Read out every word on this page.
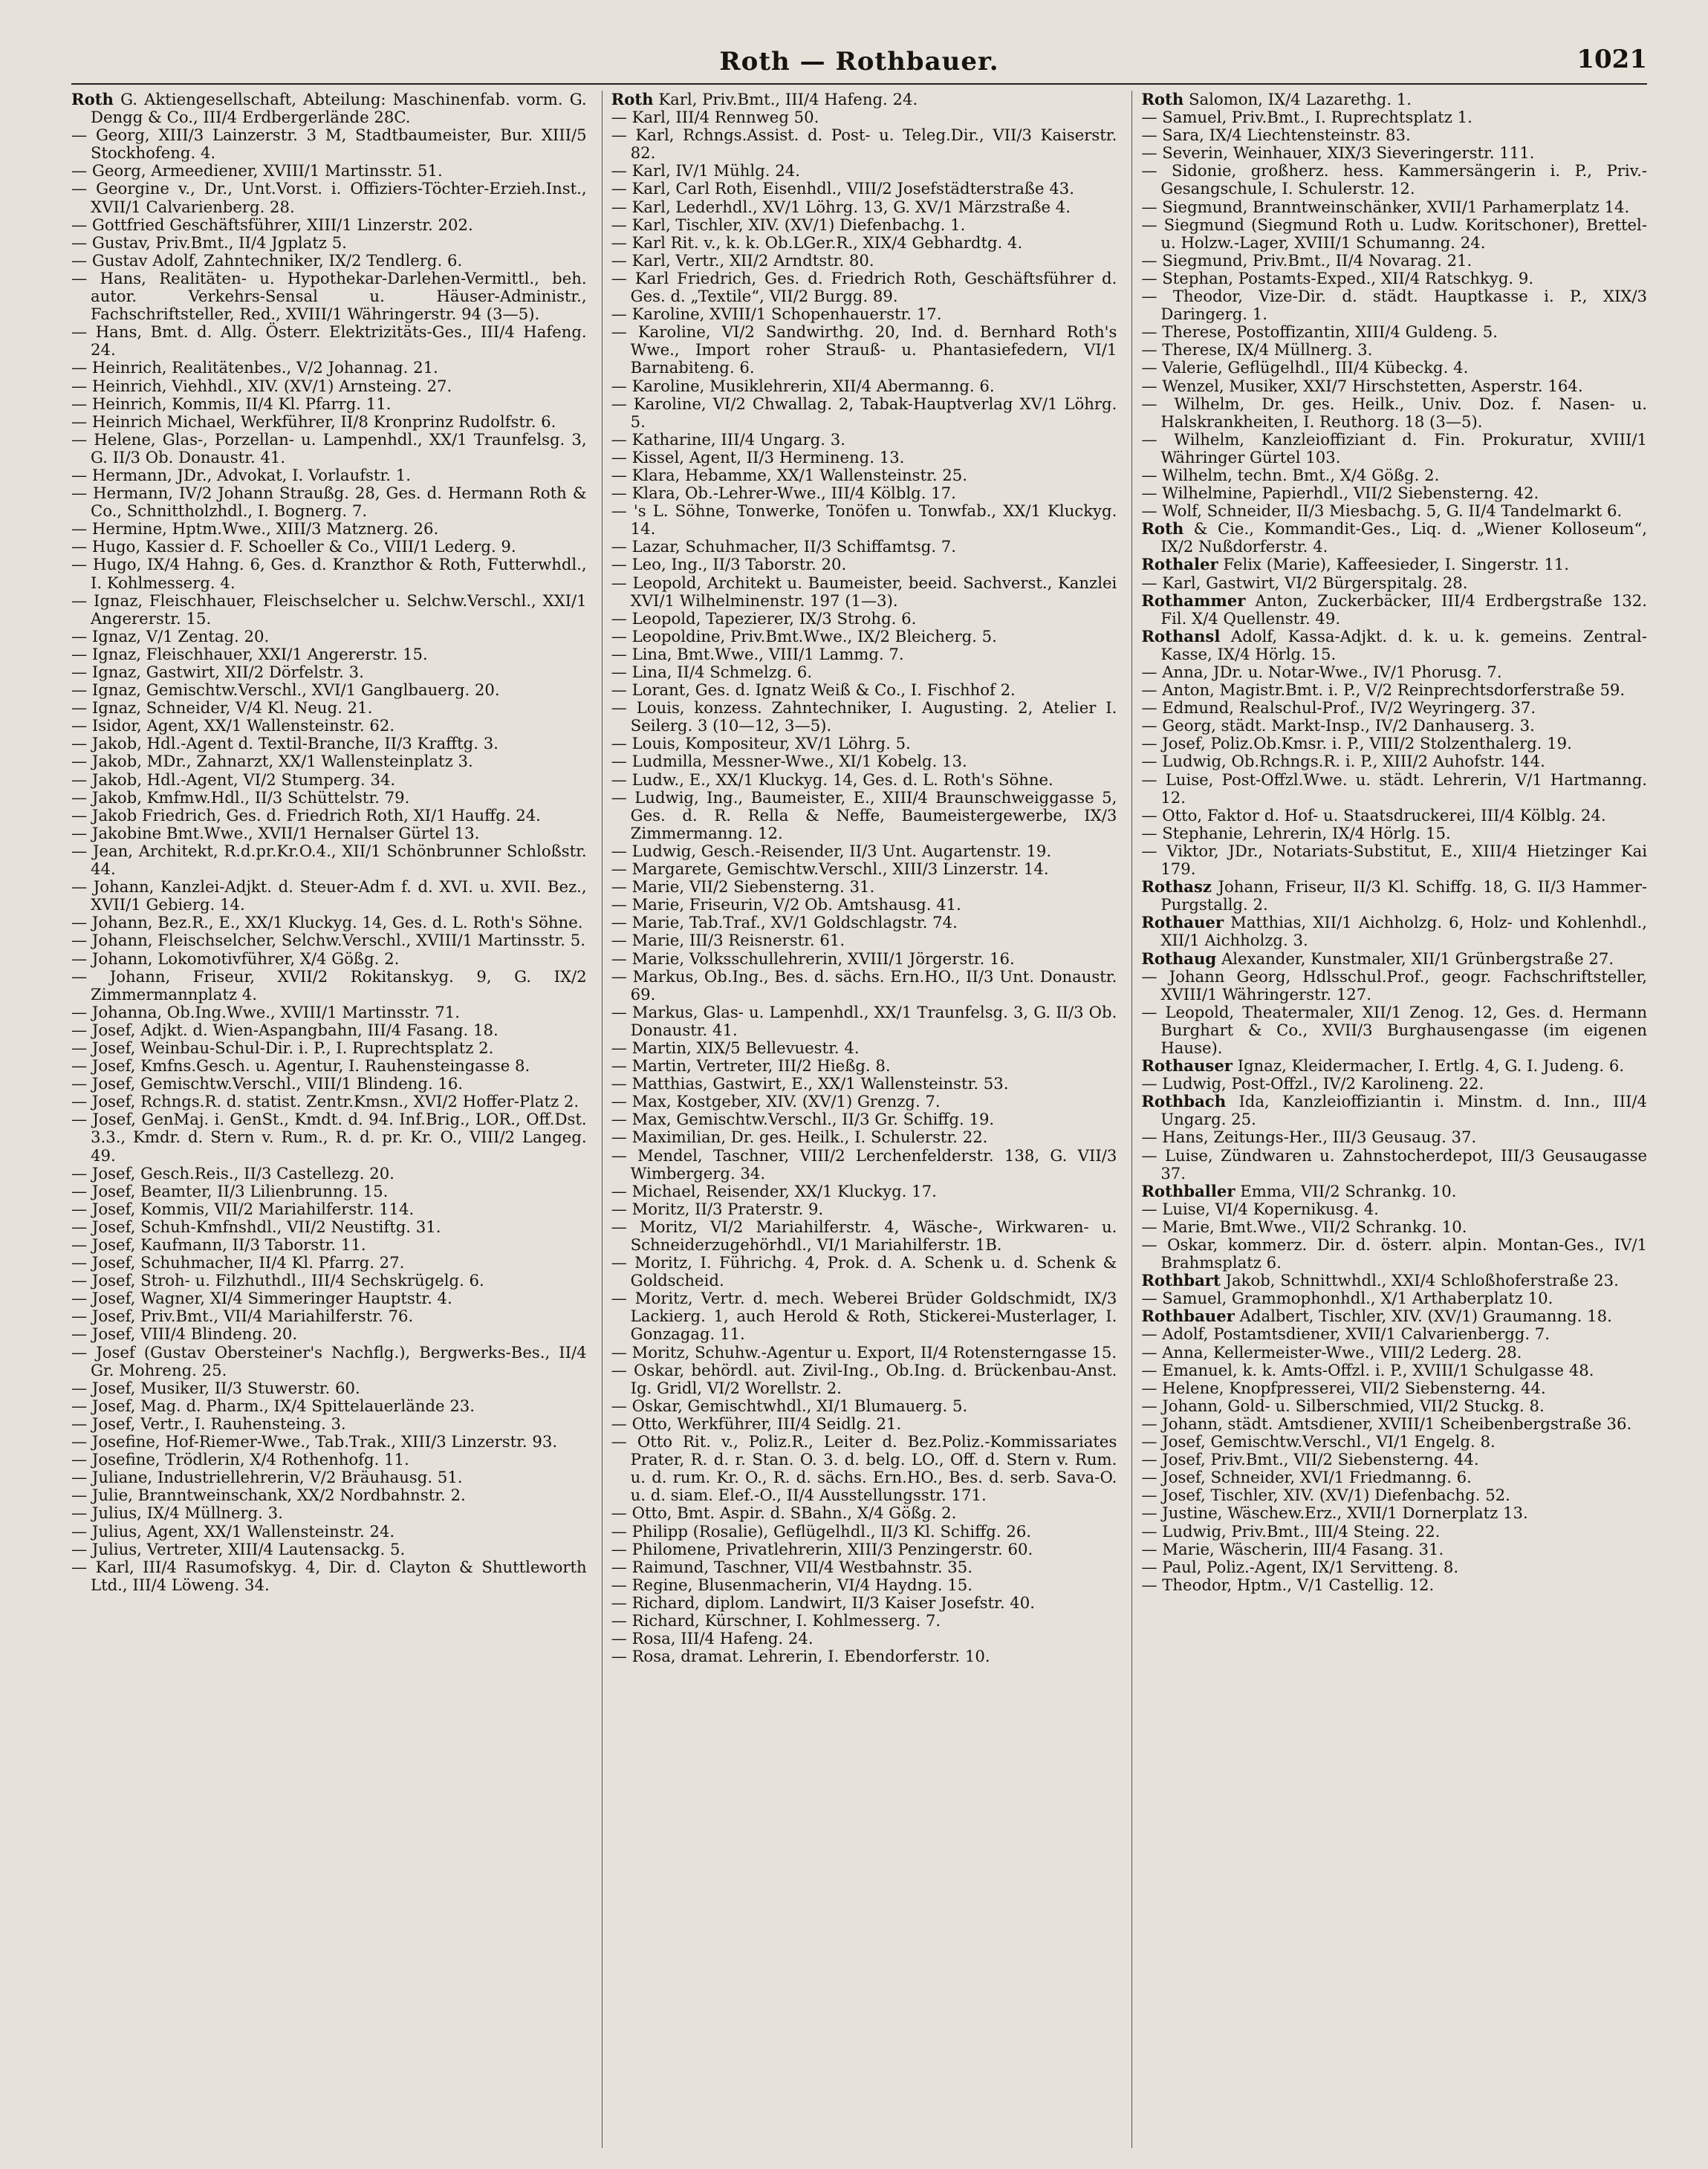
Roth — Rothbauer.	1021

Roth G. Aktiengesellschaft, Abteilung: Maschinenfab. vorm. G. Dengg & Co., III/4 Erdbergerlände 28C.

— Georg, XIII/3 Lainzerstr. 3 M, Stadtbaumeister, Bur. XIII/5 Stockhofeng. 4.

— Georg, Armeediener, XVIII/1 Martinsstr. 51.

— Georgine v., Dr., Unt.Vorst. i. Offiziers-Töchter-Erzieh.Inst., XVII/1 Calvarienberg. 28.

— Gottfried Geschäftsführer, XIII/1 Linzerstr. 202.

— Gustav, Priv.Bmt., II/4 Jgplatz 5.

— Gustav Adolf, Zahntechniker, IX/2 Tendlerg. 6.

— Hans, Realitäten- u. Hypothekar-Darlehen-Vermittl., beh. autor. Verkehrs-Sensal u. Häuser-Administr., Fachschriftsteller, Red., XVIII/1 Währingerstr. 94 (3—5).

— Hans, Bmt. d. Allg. Österr. Elektrizitäts-Ges., III/4 Hafeng. 24.

— Heinrich, Realitätenbes., V/2 Johannag. 21.

— Heinrich, Viehhdl., XIV. (XV/1) Arnsteing. 27.

— Heinrich, Kommis, II/4 Kl. Pfarrg. 11.

— Heinrich Michael, Werkführer, II/8 Kronprinz Rudolfstr. 6.

— Helene, Glas-, Porzellan- u. Lampenhdl., XX/1 Traunfelsg. 3, G. II/3 Ob. Donaustr. 41.

— Hermann, JDr., Advokat, I. Vorlaufstr. 1.

— Hermann, IV/2 Johann Straußg. 28, Ges. d. Hermann Roth & Co., Schnittholzhdl., I. Bognerg. 7.

— Hermine, Hptm.Wwe., XIII/3 Matznerg. 26.

— Hugo, Kassier d. F. Schoeller & Co., VIII/1 Lederg. 9.

— Hugo, IX/4 Hahng. 6, Ges. d. Kranzthor & Roth, Futterwhdl., I. Kohlmesserg. 4.

— Ignaz, Fleischhauer, Fleischselcher u. Selchw.Verschl., XXI/1 Angererstr. 15.

— Ignaz, V/1 Zentag. 20.

— Ignaz, Fleischhauer, XXI/1 Angererstr. 15.

— Ignaz, Gastwirt, XII/2 Dörfelstr. 3.

— Ignaz, Gemischtw.Verschl., XVI/1 Ganglbauerg. 20.

— Ignaz, Schneider, V/4 Kl. Neug. 21.

— Isidor, Agent, XX/1 Wallensteinstr. 62.

— Jakob, Hdl.-Agent d. Textil-Branche, II/3 Krafftg. 3.

— Jakob, MDr., Zahnarzt, XX/1 Wallensteinplatz 3.

— Jakob, Hdl.-Agent, VI/2 Stumperg. 34.

— Jakob, Kmfmw.Hdl., II/3 Schüttelstr. 79.

— Jakob Friedrich, Ges. d. Friedrich Roth, XI/1 Hauffg. 24.

— Jakobine Bmt.Wwe., XVII/1 Hernalser Gürtel 13.

— Jean, Architekt, R.d.pr.Kr.O.4., XII/1 Schönbrunner Schloßstr. 44.

— Johann, Kanzlei-Adjkt. d. Steuer-Adm f. d. XVI. u. XVII. Bez., XVII/1 Gebierg. 14.

— Johann, Bez.R., E., XX/1 Kluckyg. 14, Ges. d. L. Roth's Söhne.

— Johann, Fleischselcher, Selchw.Verschl., XVIII/1 Martinsstr. 5.

— Johann, Lokomotivführer, X/4 Gößg. 2.

— Johann, Friseur, XVII/2 Rokitanskyg. 9, G. IX/2 Zimmermannplatz 4.

— Johanna, Ob.Ing.Wwe., XVIII/1 Martinsstr. 71.

— Josef, Adjkt. d. Wien-Aspangbahn, III/4 Fasang. 18.

— Josef, Weinbau-Schul-Dir. i. P., I. Ruprechtsplatz 2.

— Josef, Kmfns.Gesch. u. Agentur, I. Rauhensteingasse 8.

— Josef, Gemischtw.Verschl., VIII/1 Blindeng. 16.

— Josef, Rchngs.R. d. statist. Zentr.Kmsn., XVI/2 Hoffer-Platz 2.

— Josef, GenMaj. i. GenSt., Kmdt. d. 94. Inf.Brig., LOR., Off.Dst. 3.3., Kmdr. d. Stern v. Rum., R. d. pr. Kr. O., VIII/2 Langeg. 49.

— Josef, Gesch.Reis., II/3 Castellezg. 20.

— Josef, Beamter, II/3 Lilienbrunng. 15.

— Josef, Kommis, VII/2 Mariahilferstr. 114.

— Josef, Schuh-Kmfnshdl., VII/2 Neustiftg. 31.

— Josef, Kaufmann, II/3 Taborstr. 11.

— Josef, Schuhmacher, II/4 Kl. Pfarrg. 27.

— Josef, Stroh- u. Filzhuthdl., III/4 Sechskrügelg. 6.

— Josef, Wagner, XI/4 Simmeringer Hauptstr. 4.

— Josef, Priv.Bmt., VII/4 Mariahilferstr. 76.

— Josef, VIII/4 Blindeng. 20.

— Josef (Gustav Obersteiner's Nachflg.), Bergwerks-Bes., II/4 Gr. Mohreng. 25.

— Josef, Musiker, II/3 Stuwerstr. 60.

— Josef, Mag. d. Pharm., IX/4 Spittelauerlände 23.

— Josef, Vertr., I. Rauhensteing. 3.

— Josefine, Hof-Riemer-Wwe., Tab.Trak., XIII/3 Linzerstr. 93.

— Josefine, Trödlerin, X/4 Rothenhofg. 11.

— Juliane, Industriellehrerin, V/2 Bräuhausg. 51.

— Julie, Branntweinschank, XX/2 Nordbahnstr. 2.

— Julius, IX/4 Müllnerg. 3.

— Julius, Agent, XX/1 Wallensteinstr. 24.

— Julius, Vertreter, XIII/4 Lautensackg. 5.

— Karl, III/4 Rasumofskyg. 4, Dir. d. Clayton & Shuttleworth Ltd., III/4 Löweng. 34.

Roth Karl, Priv.Bmt., III/4 Hafeng. 24.

— Karl, III/4 Rennweg 50.

— Karl, Rchngs.Assist. d. Post- u. Teleg.Dir., VII/3 Kaiserstr. 82.

— Karl, IV/1 Mühlg. 24.

— Karl, Carl Roth, Eisenhdl., VIII/2 Josefstädterstraße 43.

— Karl, Lederhdl., XV/1 Löhrg. 13, G. XV/1 Märzstraße 4.

— Karl, Tischler, XIV. (XV/1) Diefenbachg. 1.

— Karl Rit. v., k. k. Ob.LGer.R., XIX/4 Gebhardtg. 4.

— Karl, Vertr., XII/2 Arndtstr. 80.

— Karl Friedrich, Ges. d. Friedrich Roth, Geschäftsführer d. Ges. d. „Textile“, VII/2 Burgg. 89.

— Karoline, XVIII/1 Schopenhauerstr. 17.

— Karoline, VI/2 Sandwirthg. 20, Ind. d. Bernhard Roth's Wwe., Import roher Strauß- u. Phantasiefedern, VI/1 Barnabiteng. 6.

— Karoline, Musiklehrerin, XII/4 Abermanng. 6.

— Karoline, VI/2 Chwallag. 2, Tabak-Hauptverlag XV/1 Löhrg. 5.

— Katharine, III/4 Ungarg. 3.

— Kissel, Agent, II/3 Hermineng. 13.

— Klara, Hebamme, XX/1 Wallensteinstr. 25.

— Klara, Ob.-Lehrer-Wwe., III/4 Kölblg. 17.

— 's L. Söhne, Tonwerke, Tonöfen u. Tonwfab., XX/1 Kluckyg. 14.

— Lazar, Schuhmacher, II/3 Schiffamtsg. 7.

— Leo, Ing., II/3 Taborstr. 20.

— Leopold, Architekt u. Baumeister, beeid. Sachverst., Kanzlei XVI/1 Wilhelminenstr. 197 (1—3).

— Leopold, Tapezierer, IX/3 Strohg. 6.

— Leopoldine, Priv.Bmt.Wwe., IX/2 Bleicherg. 5.

— Lina, Bmt.Wwe., VIII/1 Lammg. 7.

— Lina, II/4 Schmelzg. 6.

— Lorant, Ges. d. Ignatz Weiß & Co., I. Fischhof 2.

— Louis, konzess. Zahntechniker, I. Augusting. 2, Atelier I. Seilerg. 3 (10—12, 3—5).

— Louis, Kompositeur, XV/1 Löhrg. 5.

— Ludmilla, Messner-Wwe., XI/1 Kobelg. 13.

— Ludw., E., XX/1 Kluckyg. 14, Ges. d. L. Roth's Söhne.

— Ludwig, Ing., Baumeister, E., XIII/4 Braunschweiggasse 5, Ges. d. R. Rella & Neffe, Baumeistergewerbe, IX/3 Zimmermanng. 12.

— Ludwig, Gesch.-Reisender, II/3 Unt. Augartenstr. 19.

— Margarete, Gemischtw.Verschl., XIII/3 Linzerstr. 14.

— Marie, VII/2 Siebensterng. 31.

— Marie, Friseurin, V/2 Ob. Amtshausg. 41.

— Marie, Tab.Traf., XV/1 Goldschlagstr. 74.

— Marie, III/3 Reisnerstr. 61.

— Marie, Volksschullehrerin, XVIII/1 Jörgerstr. 16.

— Markus, Ob.Ing., Bes. d. sächs. Ern.HO., II/3 Unt. Donaustr. 69.

— Markus, Glas- u. Lampenhdl., XX/1 Traunfelsg. 3, G. II/3 Ob. Donaustr. 41.

— Martin, XIX/5 Bellevuestr. 4.

— Martin, Vertreter, III/2 Hießg. 8.

— Matthias, Gastwirt, E., XX/1 Wallensteinstr. 53.

— Max, Kostgeber, XIV. (XV/1) Grenzg. 7.

— Max, Gemischtw.Verschl., II/3 Gr. Schiffg. 19.

— Maximilian, Dr. ges. Heilk., I. Schulerstr. 22.

— Mendel, Taschner, VIII/2 Lerchenfelderstr. 138, G. VII/3 Wimbergerg. 34.

— Michael, Reisender, XX/1 Kluckyg. 17.

— Moritz, II/3 Praterstr. 9.

— Moritz, VI/2 Mariahilferstr. 4, Wäsche-, Wirkwaren- u. Schneiderzugehörhdl., VI/1 Mariahilferstr. 1B.

— Moritz, I. Führichg. 4, Prok. d. A. Schenk u. d. Schenk & Goldscheid.

— Moritz, Vertr. d. mech. Weberei Brüder Goldschmidt, IX/3 Lackierg. 1, auch Herold & Roth, Stickerei-Musterlager, I. Gonzagag. 11.

— Moritz, Schuhw.-Agentur u. Export, II/4 Rotensterngasse 15.

— Oskar, behördl. aut. Zivil-Ing., Ob.Ing. d. Brückenbau-Anst. Ig. Gridl, VI/2 Worellstr. 2.

— Oskar, Gemischtwhdl., XI/1 Blumauerg. 5.

— Otto, Werkführer, III/4 Seidlg. 21.

— Otto Rit. v., Poliz.R., Leiter d. Bez.Poliz.-Kommissariates Prater, R. d. r. Stan. O. 3. d. belg. LO., Off. d. Stern v. Rum. u. d. rum. Kr. O., R. d. sächs. Ern.HO., Bes. d. serb. Sava-O. u. d. siam. Elef.-O., II/4 Ausstellungsstr. 171.

— Otto, Bmt. Aspir. d. SBahn., X/4 Gößg. 2.

— Philipp (Rosalie), Geflügelhdl., II/3 Kl. Schiffg. 26.

— Philomene, Privatlehrerin, XIII/3 Penzingerstr. 60.

— Raimund, Taschner, VII/4 Westbahnstr. 35.

— Regine, Blusenmacherin, VI/4 Haydng. 15.

— Richard, diplom. Landwirt, II/3 Kaiser Josefstr. 40.

— Richard, Kürschner, I. Kohlmesserg. 7.

— Rosa, III/4 Hafeng. 24.

— Rosa, dramat. Lehrerin, I. Ebendorferstr. 10.

Roth Salomon, IX/4 Lazarethg. 1.

— Samuel, Priv.Bmt., I. Ruprechtsplatz 1.

— Sara, IX/4 Liechtensteinstr. 83.

— Severin, Weinhauer, XIX/3 Sieveringerstr. 111.

— Sidonie, großherz. hess. Kammersängerin i. P., Priv.-Gesangschule, I. Schulerstr. 12.

— Siegmund, Branntweinschänker, XVII/1 Parhamerplatz 14.

— Siegmund (Siegmund Roth u. Ludw. Koritschoner), Brettel- u. Holzw.-Lager, XVIII/1 Schumanng. 24.

— Siegmund, Priv.Bmt., II/4 Novarag. 21.

— Stephan, Postamts-Exped., XII/4 Ratschkyg. 9.

— Theodor, Vize-Dir. d. städt. Hauptkasse i. P., XIX/3 Daringerg. 1.

— Therese, Postoffizantin, XIII/4 Guldeng. 5.

— Therese, IX/4 Müllnerg. 3.

— Valerie, Geflügelhdl., III/4 Kübeckg. 4.

— Wenzel, Musiker, XXI/7 Hirschstetten, Asperstr. 164.

— Wilhelm, Dr. ges. Heilk., Univ. Doz. f. Nasen- u. Halskrankheiten, I. Reuthorg. 18 (3—5).

— Wilhelm, Kanzleioffiziant d. Fin. Prokuratur, XVIII/1 Währinger Gürtel 103.

— Wilhelm, techn. Bmt., X/4 Gößg. 2.

— Wilhelmine, Papierhdl., VII/2 Siebensterng. 42.

— Wolf, Schneider, II/3 Miesbachg. 5, G. II/4 Tandelmarkt 6.

Roth & Cie., Kommandit-Ges., Liq. d. „Wiener Kolloseum“, IX/2 Nußdorferstr. 4.

Rothaler Felix (Marie), Kaffeesieder, I. Singerstr. 11.

— Karl, Gastwirt, VI/2 Bürgerspitalg. 28.

Rothammer Anton, Zuckerbäcker, III/4 Erdbergstraße 132. Fil. X/4 Quellenstr. 49.

Rothansl Adolf, Kassa-Adjkt. d. k. u. k. gemeins. Zentral-Kasse, IX/4 Hörlg. 15.

— Anna, JDr. u. Notar-Wwe., IV/1 Phorusg. 7.

— Anton, Magistr.Bmt. i. P., V/2 Reinprechtsdorferstraße 59.

— Edmund, Realschul-Prof., IV/2 Weyringerg. 37.

— Georg, städt. Markt-Insp., IV/2 Danhauserg. 3.

— Josef, Poliz.Ob.Kmsr. i. P., VIII/2 Stolzenthalerg. 19.

— Ludwig, Ob.Rchngs.R. i. P., XIII/2 Auhofstr. 144.

— Luise, Post-Offzl.Wwe. u. städt. Lehrerin, V/1 Hartmanng. 12.

— Otto, Faktor d. Hof- u. Staatsdruckerei, III/4 Kölblg. 24.

— Stephanie, Lehrerin, IX/4 Hörlg. 15.

— Viktor, JDr., Notariats-Substitut, E., XIII/4 Hietzinger Kai 179.

Rothasz Johann, Friseur, II/3 Kl. Schiffg. 18, G. II/3 Hammer-Purgstallg. 2.

Rothauer Matthias, XII/1 Aichholzg. 6, Holz- und Kohlenhdl., XII/1 Aichholzg. 3.

Rothaug Alexander, Kunstmaler, XII/1 Grünbergstraße 27.

— Johann Georg, Hdlsschul.Prof., geogr. Fachschriftsteller, XVIII/1 Währingerstr. 127.

— Leopold, Theatermaler, XII/1 Zenog. 12, Ges. d. Hermann Burghart & Co., XVII/3 Burghausengasse (im eigenen Hause).

Rothauser Ignaz, Kleidermacher, I. Ertlg. 4, G. I. Judeng. 6.

— Ludwig, Post-Offzl., IV/2 Karolineng. 22.

Rothbach Ida, Kanzleioffiziantin i. Minstm. d. Inn., III/4 Ungarg. 25.

— Hans, Zeitungs-Her., III/3 Geusaug. 37.

— Luise, Zündwaren u. Zahnstocherdepot, III/3 Geusaugasse 37.

Rothballer Emma, VII/2 Schrankg. 10.

— Luise, VI/4 Kopernikusg. 4.

— Marie, Bmt.Wwe., VII/2 Schrankg. 10.

— Oskar, kommerz. Dir. d. österr. alpin. Montan-Ges., IV/1 Brahmsplatz 6.

Rothbart Jakob, Schnittwhdl., XXI/4 Schloßhoferstraße 23.

— Samuel, Grammophonhdl., X/1 Arthaberplatz 10.

Rothbauer Adalbert, Tischler, XIV. (XV/1) Graumanng. 18.

— Adolf, Postamtsdiener, XVII/1 Calvarienbergg. 7.

— Anna, Kellermeister-Wwe., VIII/2 Lederg. 28.

— Emanuel, k. k. Amts-Offzl. i. P., XVIII/1 Schulgasse 48.

— Helene, Knopfpresserei, VII/2 Siebensterng. 44.

— Johann, Gold- u. Silberschmied, VII/2 Stuckg. 8.

— Johann, städt. Amtsdiener, XVIII/1 Scheibenbergstraße 36.

— Josef, Gemischtw.Verschl., VI/1 Engelg. 8.

— Josef, Priv.Bmt., VII/2 Siebensterng. 44.

— Josef, Schneider, XVI/1 Friedmanng. 6.

— Josef, Tischler, XIV. (XV/1) Diefenbachg. 52.

— Justine, Wäschew.Erz., XVII/1 Dornerplatz 13.

— Ludwig, Priv.Bmt., III/4 Steing. 22.

— Marie, Wäscherin, III/4 Fasang. 31.

— Paul, Poliz.-Agent, IX/1 Servitteng. 8.

— Theodor, Hptm., V/1 Castellig. 12.
